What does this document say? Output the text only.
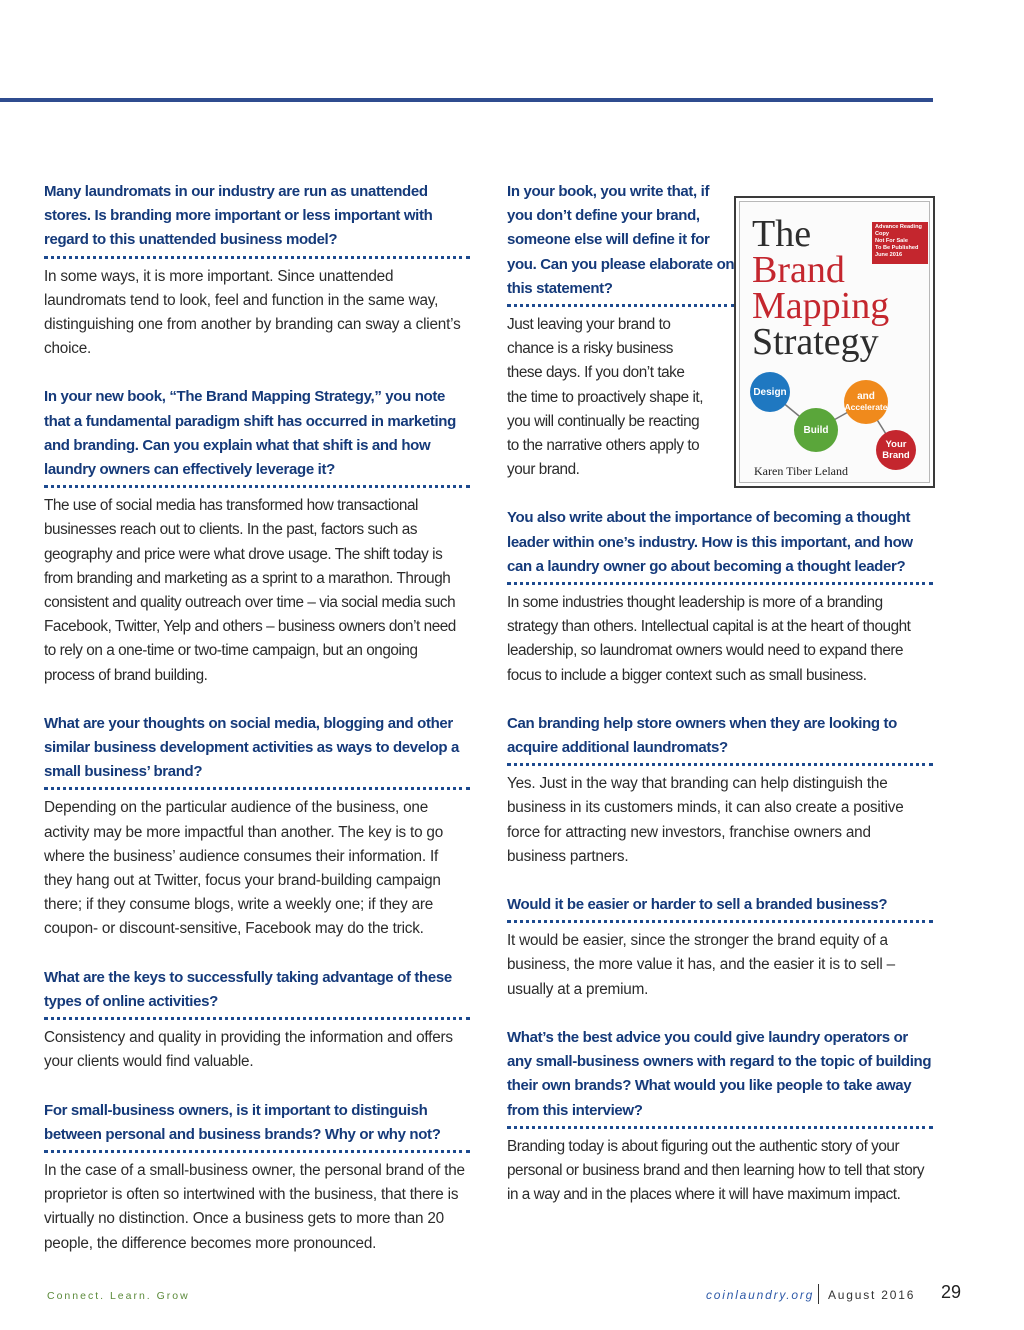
Many laundromats in our industry are run as unattended stores. Is branding more important or less important with regard to this unattended business model?
In some ways, it is more important. Since unattended laundromats tend to look, feel and function in the same way, distinguishing one from another by branding can sway a client’s choice.
In your new book, “The Brand Mapping Strategy,” you note that a fundamental paradigm shift has occurred in marketing and branding. Can you explain what that shift is and how laundry owners can effectively leverage it?
The use of social media has transformed how transactional businesses reach out to clients. In the past, factors such as geography and price were what drove usage. The shift today is from branding and marketing as a sprint to a marathon. Through consistent and quality outreach over time – via social media such Facebook, Twitter, Yelp and others – business owners don’t need to rely on a one-time or two-time campaign, but an ongoing process of brand building.
What are your thoughts on social media, blogging and other similar business development activities as ways to develop a small business’ brand?
Depending on the particular audience of the business, one activity may be more impactful than another. The key is to go where the business’ audience consumes their information. If they hang out at Twitter, focus your brand-building campaign there; if they consume blogs, write a weekly one; if they are coupon- or discount-sensitive, Facebook may do the trick.
What are the keys to successfully taking advantage of these types of online activities?
Consistency and quality in providing the information and offers your clients would find valuable.
For small-business owners, is it important to distinguish between personal and business brands? Why or why not?
In the case of a small-business owner, the personal brand of the proprietor is often so intertwined with the business, that there is virtually no distinction. Once a business gets to more than 20 people, the difference becomes more pronounced.
In your book, you write that, if you don’t define your brand, someone else will define it for you. Can you please elaborate on this statement?
Just leaving your brand to chance is a risky business these days. If you don’t take the time to proactively shape it, you will continually be reacting to the narrative others apply to your brand.
You also write about the importance of becoming a thought leader within one’s industry. How is this important, and how can a laundry owner go about becoming a thought leader?
In some industries thought leadership is more of a branding strategy than others. Intellectual capital is at the heart of thought leadership, so laundromat owners would need to expand there focus to include a bigger context such as small business.
Can branding help store owners when they are looking to acquire additional laundromats?
Yes. Just in the way that branding can help distinguish the business in its customers minds, it can also create a positive force for attracting new investors, franchise owners and business partners.
Would it be easier or harder to sell a branded business?
It would be easier, since the stronger the brand equity of a business, the more value it has, and the easier it is to sell – usually at a premium.
What’s the best advice you could give laundry operators or any small-business owners with regard to the topic of building their own brands? What would you like people to take away from this interview?
Branding today is about figuring out the authentic story of your personal or business brand and then learning how to tell that story in a way and in the places where it will have maximum impact.
The
Brand
Mapping
Strategy
Advance Reading Copy
Not For Sale
To Be Published
June 2016
Design
Build
and
Accelerate
Your
Brand
Karen Tiber Leland
Connect. Learn. Grow	coinlaundry.org August 2016 29
